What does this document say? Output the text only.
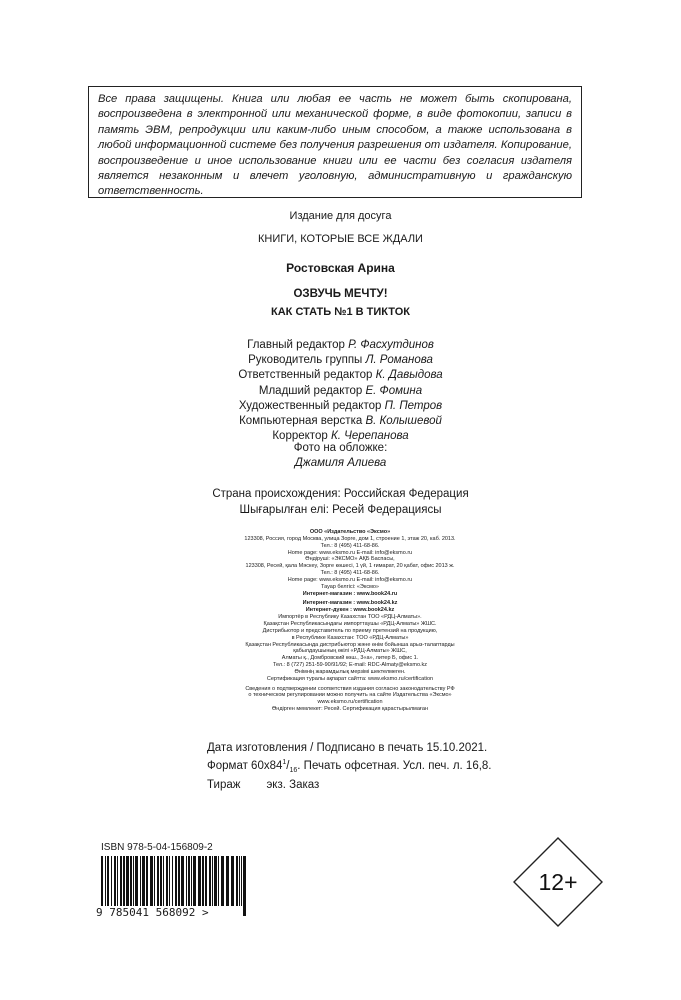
Все права защищены. Книга или любая ее часть не может быть скопирована, воспроизведена в электронной или механической форме, в виде фотокопии, записи в память ЭВМ, репродукции или каким-либо иным способом, а также использована в любой информационной системе без получения разрешения от издателя. Копирование, воспроизведение и иное использование книги или ее части без согласия издателя является незаконным и влечет уголовную, административную и гражданскую ответственность.
Издание для досуга
КНИГИ, КОТОРЫЕ ВСЕ ЖДАЛИ
Ростовская Арина
ОЗВУЧЬ МЕЧТУ!
КАК СТАТЬ №1 В ТИКТОК
Главный редактор Р. Фасхутдинов
Руководитель группы Л. Романова
Ответственный редактор К. Давыдова
Младший редактор Е. Фомина
Художественный редактор П. Петров
Компьютерная верстка В. Колышевой
Корректор К. Черепанова
Фото на обложке:
Джамиля Алиева
Страна происхождения: Российская Федерация
Шығарылған елі: Ресей Федерациясы
ООО «Издательство «Эксмо»
123308, Россия, город Москва, улица Зорге, дом 1, строение 1, этаж 20, каб. 2013.
Тел.: 8 (495) 411-68-86.
Home page: www.eksmo.ru E-mail: info@eksmo.ru
Өндіруші: «ЭКСМО» АҚБ Баспасы,
123308, Ресей, қала Мәскеу, Зорге көшесі, 1 үй, 1 ғимарат, 20 қабат, офис 2013 ж.
Тел.: 8 (495) 411-68-86.
Home page: www.eksmo.ru E-mail: info@eksmo.ru
Тауар белгісі: «Эксмо»
Интернет-магазин : www.book24.ru
Интернет-магазин : www.book24.kz
Интернет-дүкен : www.book24.kz
Импортёр в Республику Казахстан ТОО «РДЦ-Алматы».
Қазақстан Республикасындағы импорттаушы «РДЦ-Алматы» ЖШС.
Дистрибьютор и представитель по приему претензий на продукцию,
в Республике Казахстан: ТОО «РДЦ-Алматы»
Қазақстан Республикасында дистрибьютор және өнім бойынша арыз-талаптарды
қабылдаушының өкілі «РДЦ-Алматы» ЖШС,
Алматы қ., Домбровский көш., 3«а», литер Б, офис 1.
Тел.: 8 (727) 251-59-90/91/92; E-mail: RDC-Almaty@eksmo.kz
Өнімнің жарамдылық мерзімі шектелмеген.
Сертификация туралы ақпарат сайтта: www.eksmo.ru/certification
Сведения о подтверждении соответствия издания согласно законодательству РФ
о техническом регулировании можно получить на сайте Издательства «Эксмо»
www.eksmo.ru/certification
Өндірген мемлекет: Ресей. Сертификация қарастырылмаған
Дата изготовления / Подписано в печать 15.10.2021.
Формат $60x84^1/_{16}$. Печать офсетная. Усл. печ. л. 16,8.
Тираж экз. Заказ
ISBN 978-5-04-156809-2
9 785041 568092 >
12+
